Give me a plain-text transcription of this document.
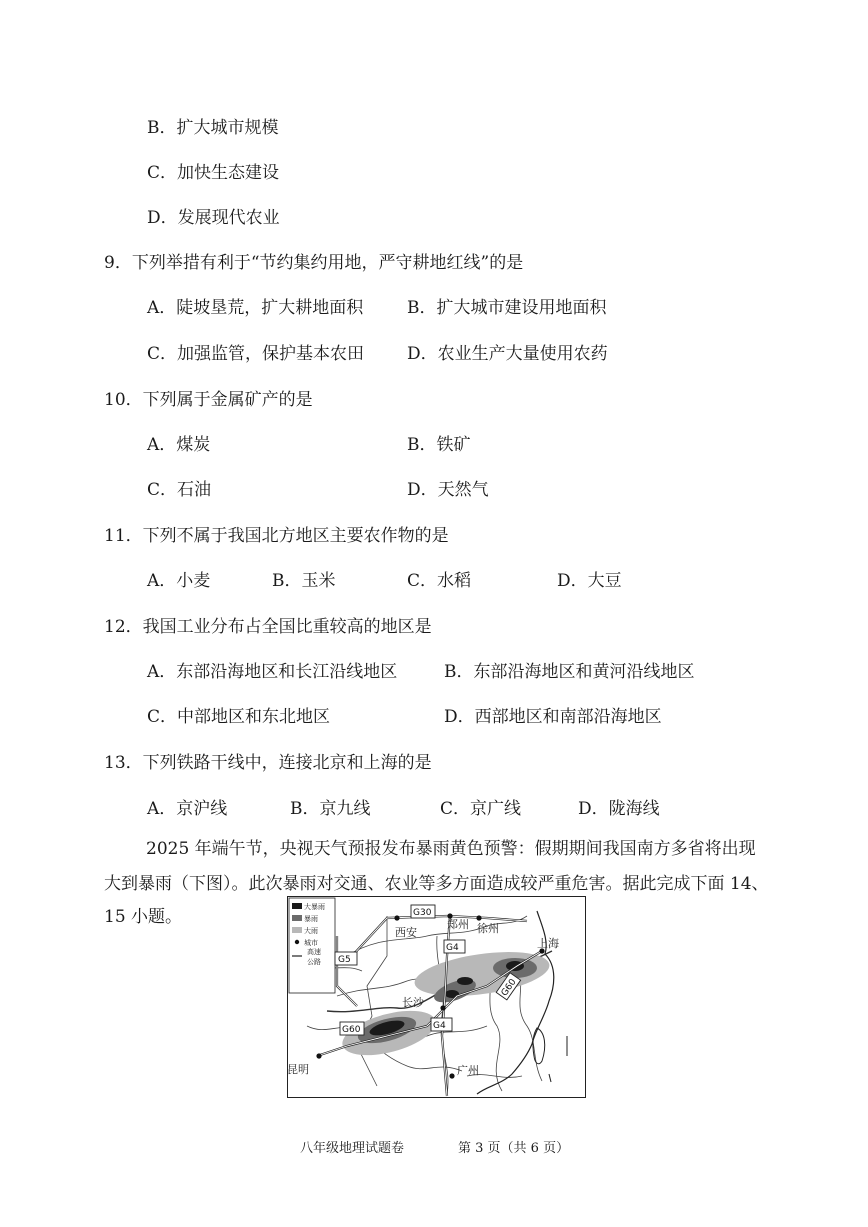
B．扩大城市规模
C．加快生态建设
D．发展现代农业
9．下列举措有利于“节约集约用地，严守耕地红线”的是
A．陡坡垦荒，扩大耕地面积	B．扩大城市建设用地面积
C．加强监管，保护基本农田	D．农业生产大量使用农药
10．下列属于金属矿产的是
A．煤炭	B．铁矿
C．石油	D．天然气
11．下列不属于我国北方地区主要农作物的是
A．小麦	B．玉米	C．水稻	D．大豆
12．我国工业分布占全国比重较高的地区是
A．东部沿海地区和长江沿线地区	B．东部沿海地区和黄河沿线地区
C．中部地区和东北地区	D．西部地区和南部沿海地区
13．下列铁路干线中，连接北京和上海的是
A．京沪线	B．京九线	C．京广线	D．陇海线
2025 年端午节，央视天气预报发布暴雨黄色预警：假期期间我国南方多省将出现
大到暴雨（下图）。此次暴雨对交通、农业等多方面造成较严重危害。据此完成下面 14、
15 小题。	大暴雨
暴雨
大雨
城市
高速
公路
西安
郑州 徐州
上海
长沙
昆明	广州
G30
G5
G4
G60
G60	G4
八年级地理试题卷	第 3 页（共 6 页）
